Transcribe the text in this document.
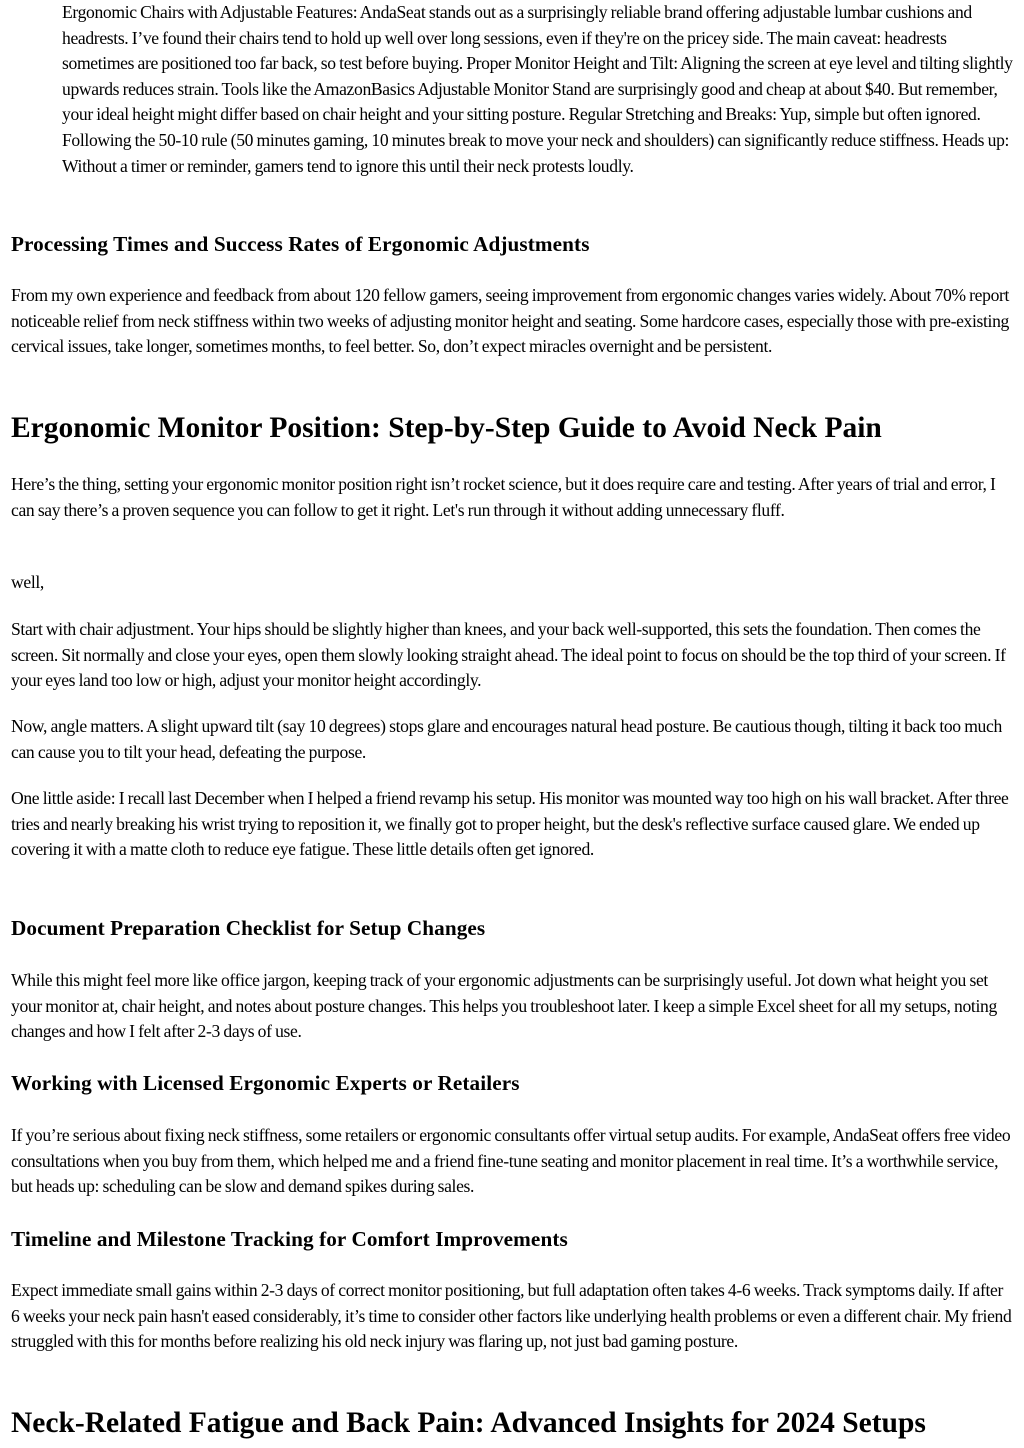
Ergonomic Chairs with Adjustable Features: AndaSeat stands out as a surprisingly reliable brand offering adjustable lumbar cushions and headrests. I’ve found their chairs tend to hold up well over long sessions, even if they're on the pricey side. The main caveat: headrests sometimes are positioned too far back, so test before buying. Proper Monitor Height and Tilt: Aligning the screen at eye level and tilting slightly upwards reduces strain. Tools like the AmazonBasics Adjustable Monitor Stand are surprisingly good and cheap at about $40. But remember, your ideal height might differ based on chair height and your sitting posture. Regular Stretching and Breaks: Yup, simple but often ignored. Following the 50-10 rule (50 minutes gaming, 10 minutes break to move your neck and shoulders) can significantly reduce stiffness. Heads up: Without a timer or reminder, gamers tend to ignore this until their neck protests loudly.

Processing Times and Success Rates of Ergonomic Adjustments

From my own experience and feedback from about 120 fellow gamers, seeing improvement from ergonomic changes varies widely. About 70% report noticeable relief from neck stiffness within two weeks of adjusting monitor height and seating. Some hardcore cases, especially those with pre-existing cervical issues, take longer, sometimes months, to feel better. So, don’t expect miracles overnight and be persistent.

Ergonomic Monitor Position: Step-by-Step Guide to Avoid Neck Pain

Here’s the thing, setting your ergonomic monitor position right isn’t rocket science, but it does require care and testing. After years of trial and error, I can say there’s a proven sequence you can follow to get it right. Let's run through it without adding unnecessary fluff.

well,

Start with chair adjustment. Your hips should be slightly higher than knees, and your back well-supported, this sets the foundation. Then comes the screen. Sit normally and close your eyes, open them slowly looking straight ahead. The ideal point to focus on should be the top third of your screen. If your eyes land too low or high, adjust your monitor height accordingly.

Now, angle matters. A slight upward tilt (say 10 degrees) stops glare and encourages natural head posture. Be cautious though, tilting it back too much can cause you to tilt your head, defeating the purpose.

One little aside: I recall last December when I helped a friend revamp his setup. His monitor was mounted way too high on his wall bracket. After three tries and nearly breaking his wrist trying to reposition it, we finally got to proper height, but the desk's reflective surface caused glare. We ended up covering it with a matte cloth to reduce eye fatigue. These little details often get ignored.

Document Preparation Checklist for Setup Changes

While this might feel more like office jargon, keeping track of your ergonomic adjustments can be surprisingly useful. Jot down what height you set your monitor at, chair height, and notes about posture changes. This helps you troubleshoot later. I keep a simple Excel sheet for all my setups, noting changes and how I felt after 2-3 days of use.

Working with Licensed Ergonomic Experts or Retailers

If you’re serious about fixing neck stiffness, some retailers or ergonomic consultants offer virtual setup audits. For example, AndaSeat offers free video consultations when you buy from them, which helped me and a friend fine-tune seating and monitor placement in real time. It’s a worthwhile service, but heads up: scheduling can be slow and demand spikes during sales.

Timeline and Milestone Tracking for Comfort Improvements

Expect immediate small gains within 2-3 days of correct monitor positioning, but full adaptation often takes 4-6 weeks. Track symptoms daily. If after 6 weeks your neck pain hasn't eased considerably, it’s time to consider other factors like underlying health problems or even a different chair. My friend struggled with this for months before realizing his old neck injury was flaring up, not just bad gaming posture.

Neck-Related Fatigue and Back Pain: Advanced Insights for 2024 Setups
